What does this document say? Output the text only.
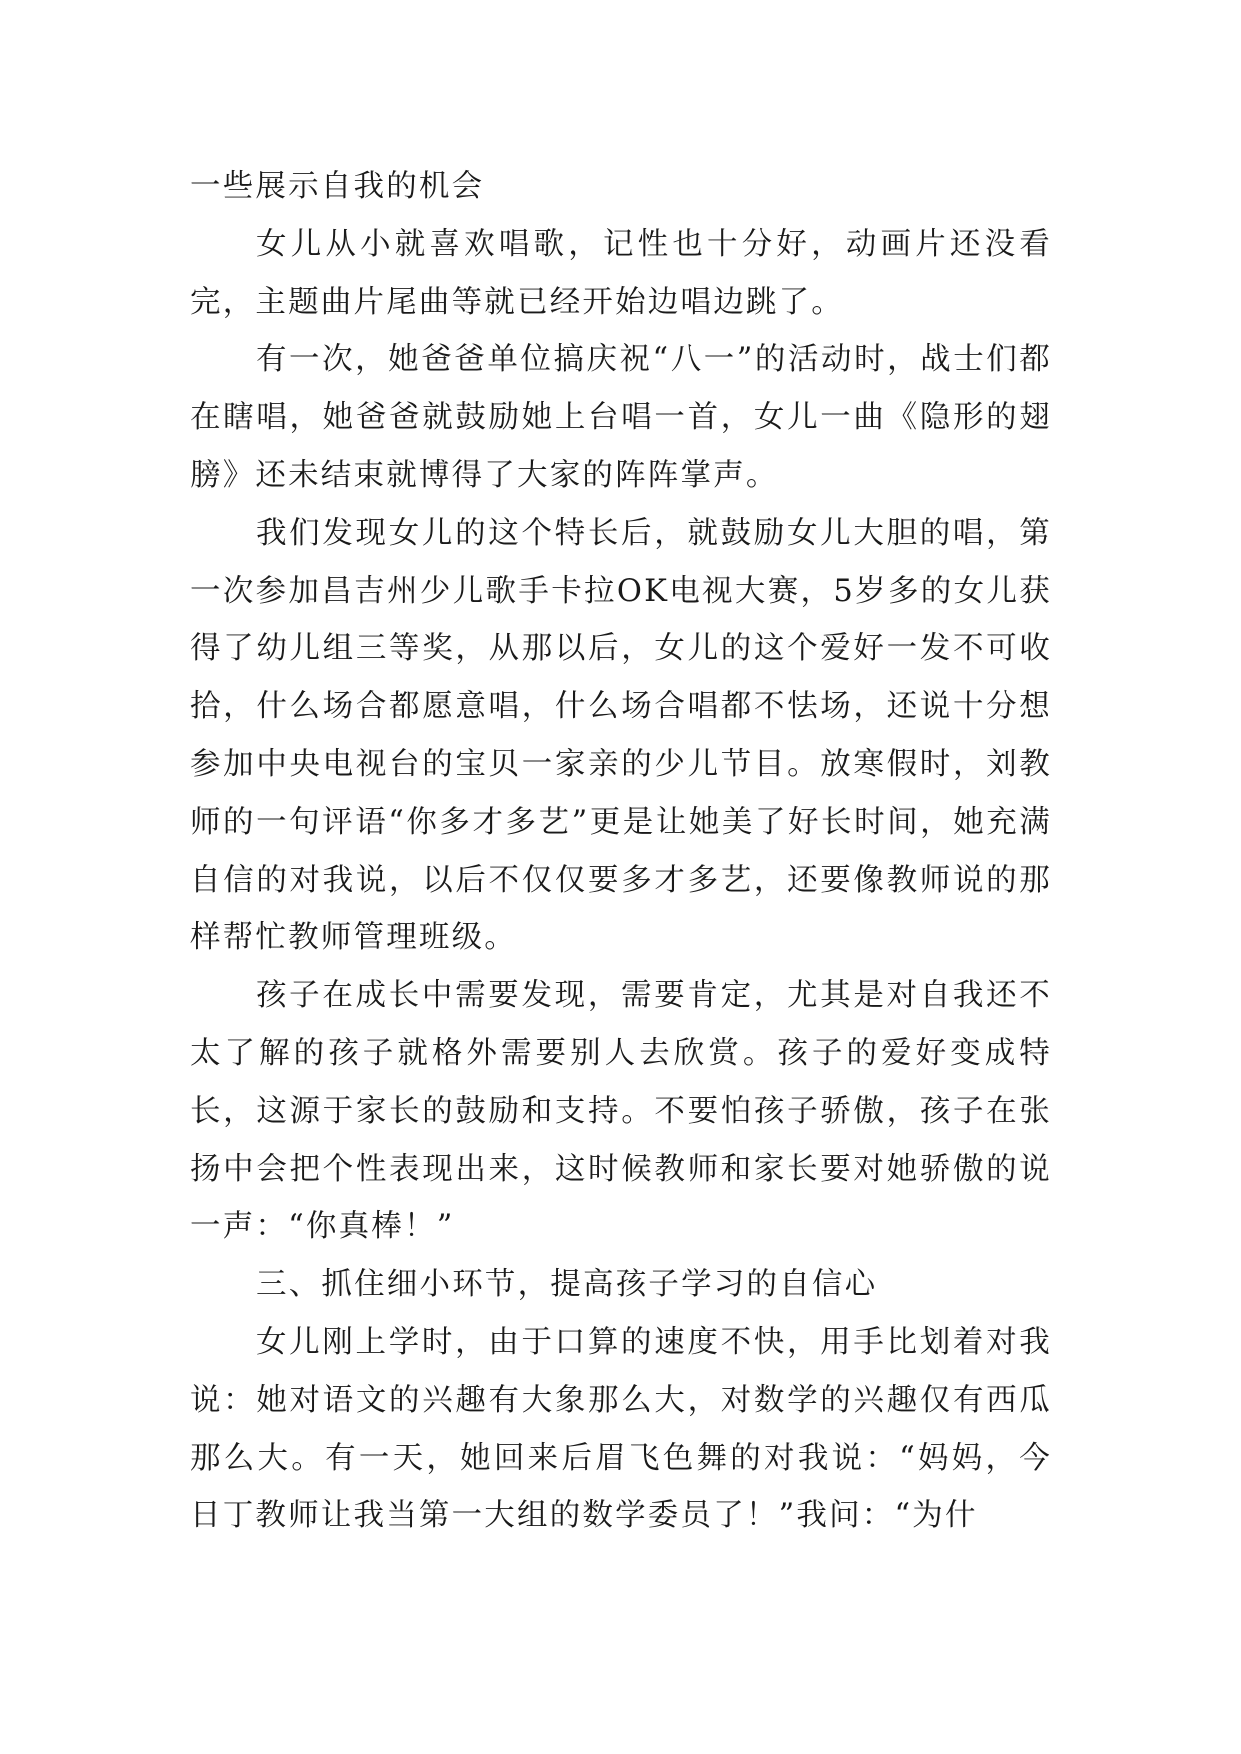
一些展示自我的机会

女儿从小就喜欢唱歌，记性也十分好，动画片还没看完，主题曲片尾曲等就已经开始边唱边跳了。

有一次，她爸爸单位搞庆祝“八一”的活动时，战士们都在瞎唱，她爸爸就鼓励她上台唱一首，女儿一曲《隐形的翅膀》还未结束就博得了大家的阵阵掌声。

我们发现女儿的这个特长后，就鼓励女儿大胆的唱，第一次参加昌吉州少儿歌手卡拉OK电视大赛，5岁多的女儿获得了幼儿组三等奖，从那以后，女儿的这个爱好一发不可收拾，什么场合都愿意唱，什么场合唱都不怯场，还说十分想参加中央电视台的宝贝一家亲的少儿节目。放寒假时，刘教师的一句评语“你多才多艺”更是让她美了好长时间，她充满自信的对我说，以后不仅仅要多才多艺，还要像教师说的那样帮忙教师管理班级。

孩子在成长中需要发现，需要肯定，尤其是对自我还不太了解的孩子就格外需要别人去欣赏。孩子的爱好变成特长，这源于家长的鼓励和支持。不要怕孩子骄傲，孩子在张扬中会把个性表现出来，这时候教师和家长要对她骄傲的说一声：“你真棒！”

三、抓住细小环节，提高孩子学习的自信心

女儿刚上学时，由于口算的速度不快，用手比划着对我说：她对语文的兴趣有大象那么大，对数学的兴趣仅有西瓜那么大。有一天，她回来后眉飞色舞的对我说：“妈妈，今日丁教师让我当第一大组的数学委员了！”我问：“为什
